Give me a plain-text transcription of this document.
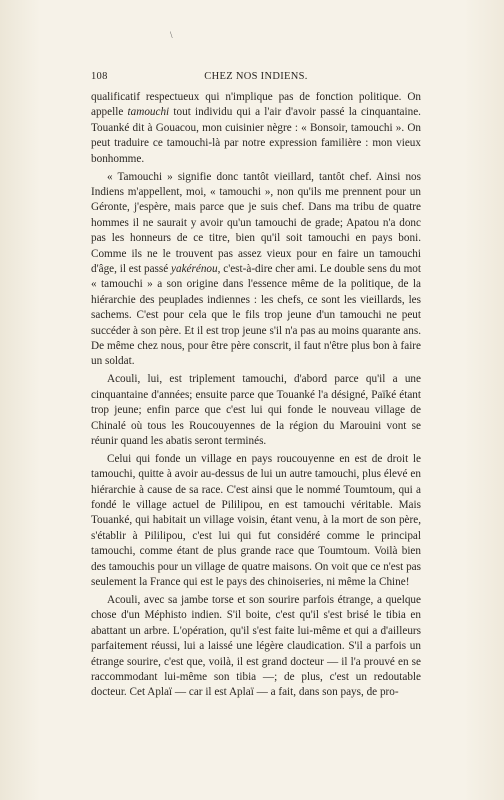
\
108	CHEZ NOS INDIENS.

qualificatif respectueux qui n'implique pas de fonction politique. On appelle tamouchi tout individu qui a l'air d'avoir passé la cinquantaine. Touanké dit à Gouacou, mon cuisinier nègre : « Bonsoir, tamouchi ». On peut traduire ce tamouchi-là par notre expression familière : mon vieux bonhomme.

« Tamouchi » signifie donc tantôt vieillard, tantôt chef. Ainsi nos Indiens m'appellent, moi, « tamouchi », non qu'ils me prennent pour un Géronte, j'espère, mais parce que je suis chef. Dans ma tribu de quatre hommes il ne saurait y avoir qu'un tamouchi de grade; Apatou n'a donc pas les honneurs de ce titre, bien qu'il soit tamouchi en pays boni. Comme ils ne le trouvent pas assez vieux pour en faire un tamouchi d'âge, il est passé yakérénou, c'est-à-dire cher ami. Le double sens du mot « tamouchi » a son origine dans l'essence même de la politique, de la hiérarchie des peuplades indiennes : les chefs, ce sont les vieillards, les sachems. C'est pour cela que le fils trop jeune d'un tamouchi ne peut succéder à son père. Et il est trop jeune s'il n'a pas au moins quarante ans. De même chez nous, pour être père conscrit, il faut n'être plus bon à faire un soldat.

Acouli, lui, est triplement tamouchi, d'abord parce qu'il a une cinquantaine d'années; ensuite parce que Touanké l'a désigné, Païké étant trop jeune; enfin parce que c'est lui qui fonde le nouveau village de Chinalé où tous les Roucouyennes de la région du Marouini vont se réunir quand les abatis seront terminés.

Celui qui fonde un village en pays roucouyenne en est de droit le tamouchi, quitte à avoir au-dessus de lui un autre tamouchi, plus élevé en hiérarchie à cause de sa race. C'est ainsi que le nommé Toumtoum, qui a fondé le village actuel de Pililipou, en est tamouchi véritable. Mais Touanké, qui habitait un village voisin, étant venu, à la mort de son père, s'établir à Pililipou, c'est lui qui fut considéré comme le principal tamouchi, comme étant de plus grande race que Toumtoum. Voilà bien des tamouchis pour un village de quatre maisons. On voit que ce n'est pas seulement la France qui est le pays des chinoiseries, ni même la Chine!

Acouli, avec sa jambe torse et son sourire parfois étrange, a quelque chose d'un Méphisto indien. S'il boite, c'est qu'il s'est brisé le tibia en abattant un arbre. L'opération, qu'il s'est faite lui-même et qui a d'ailleurs parfaitement réussi, lui a laissé une légère claudication. S'il a parfois un étrange sourire, c'est que, voilà, il est grand docteur — il l'a prouvé en se raccommodant lui-même son tibia —; de plus, c'est un redoutable docteur. Cet Aplaï — car il est Aplaï — a fait, dans son pays, de pro-
